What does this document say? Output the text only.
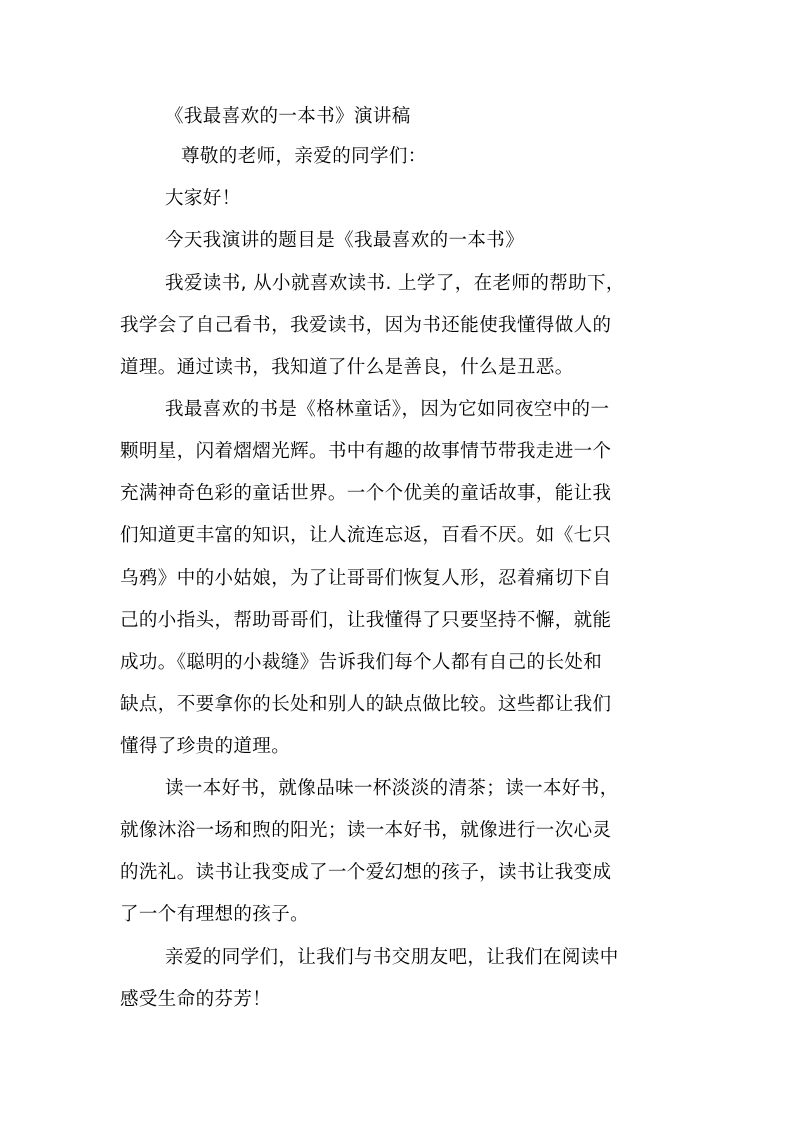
《我最喜欢的一本书》演讲稿
尊敬的老师，亲爱的同学们：
大家好！
今天我演讲的题目是《我最喜欢的一本书》
我爱读书, 从小就喜欢读书. 上学了，在老师的帮助下，
我学会了自己看书，我爱读书，因为书还能使我懂得做人的
道理。通过读书，我知道了什么是善良，什么是丑恶。
我最喜欢的书是《格林童话》，因为它如同夜空中的一
颗明星，闪着熠熠光辉。书中有趣的故事情节带我走进一个
充满神奇色彩的童话世界。一个个优美的童话故事，能让我
们知道更丰富的知识，让人流连忘返，百看不厌。如《七只
乌鸦》中的小姑娘，为了让哥哥们恢复人形，忍着痛切下自
己的小指头，帮助哥哥们，让我懂得了只要坚持不懈，就能
成功。《聪明的小裁缝》告诉我们每个人都有自己的长处和
缺点，不要拿你的长处和别人的缺点做比较。这些都让我们
懂得了珍贵的道理。
读一本好书，就像品味一杯淡淡的清茶；读一本好书，
就像沐浴一场和煦的阳光；读一本好书，就像进行一次心灵
的洗礼。读书让我变成了一个爱幻想的孩子，读书让我变成
了一个有理想的孩子。
亲爱的同学们，让我们与书交朋友吧，让我们在阅读中
感受生命的芬芳！
